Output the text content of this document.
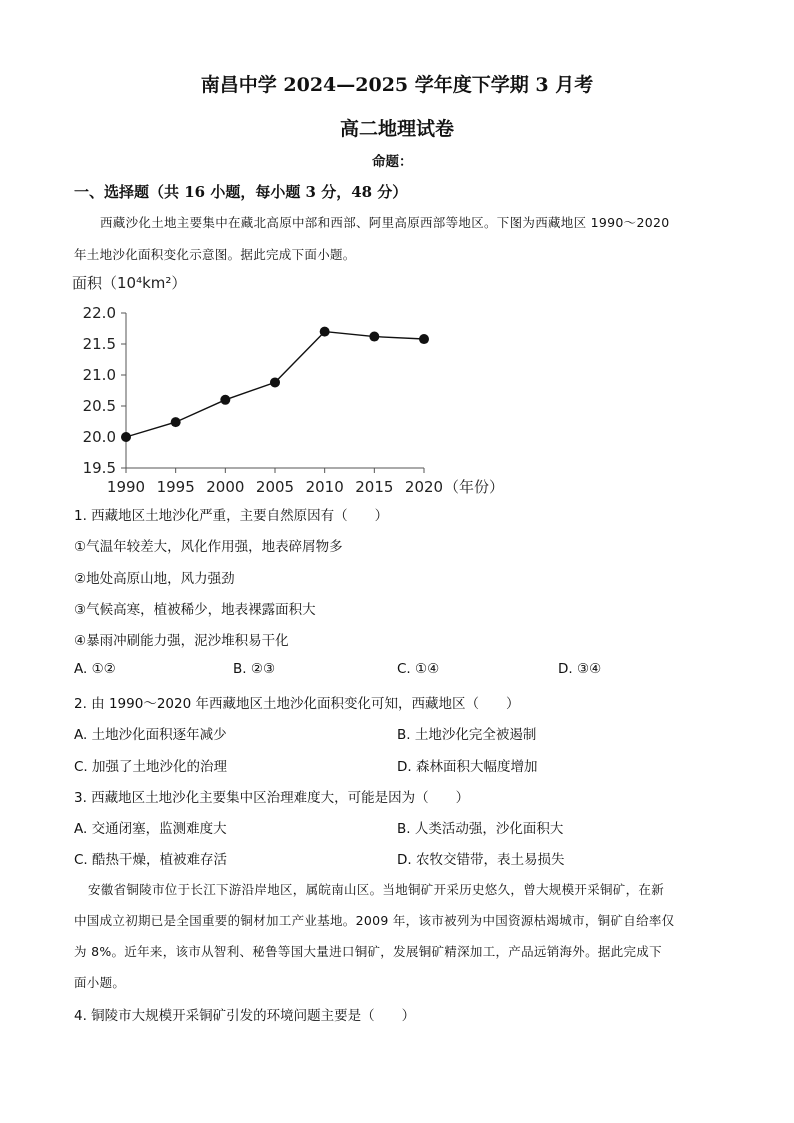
南昌中学 2024—2025 学年度下学期 3 月考
高二地理试卷
命题：
一、选择题（共 16 小题，每小题 3 分，48 分）
西藏沙化土地主要集中在藏北高原中部和西部、阿里高原西部等地区。下图为西藏地区 1990～2020
年土地沙化面积变化示意图。据此完成下面小题。
面积（10⁴km²）
19.5
20.0
20.5
21.0
21.5
22.0
1990 1995 2000 2005 2010 2015 2020 （年份）
1. 西藏地区土地沙化严重，主要自然原因有（　　）
①气温年较差大，风化作用强，地表碎屑物多
②地处高原山地，风力强劲
③气候高寒，植被稀少，地表裸露面积大
④暴雨冲刷能力强，泥沙堆积易干化
A. ①②	B. ②③	C. ①④	D. ③④
2. 由 1990～2020 年西藏地区土地沙化面积变化可知，西藏地区（　　）
A. 土地沙化面积逐年减少	B. 土地沙化完全被遏制
C. 加强了土地沙化的治理	D. 森林面积大幅度增加
3. 西藏地区土地沙化主要集中区治理难度大，可能是因为（　　）
A. 交通闭塞，监测难度大	B. 人类活动强，沙化面积大
C. 酷热干燥，植被难存活	D. 农牧交错带，表土易损失
安徽省铜陵市位于长江下游沿岸地区，属皖南山区。当地铜矿开采历史悠久，曾大规模开采铜矿，在新
中国成立初期已是全国重要的铜材加工产业基地。2009 年，该市被列为中国资源枯竭城市，铜矿自给率仅
为 8%。近年来，该市从智利、秘鲁等国大量进口铜矿，发展铜矿精深加工，产品远销海外。据此完成下
面小题。
4. 铜陵市大规模开采铜矿引发的环境问题主要是（　　）
